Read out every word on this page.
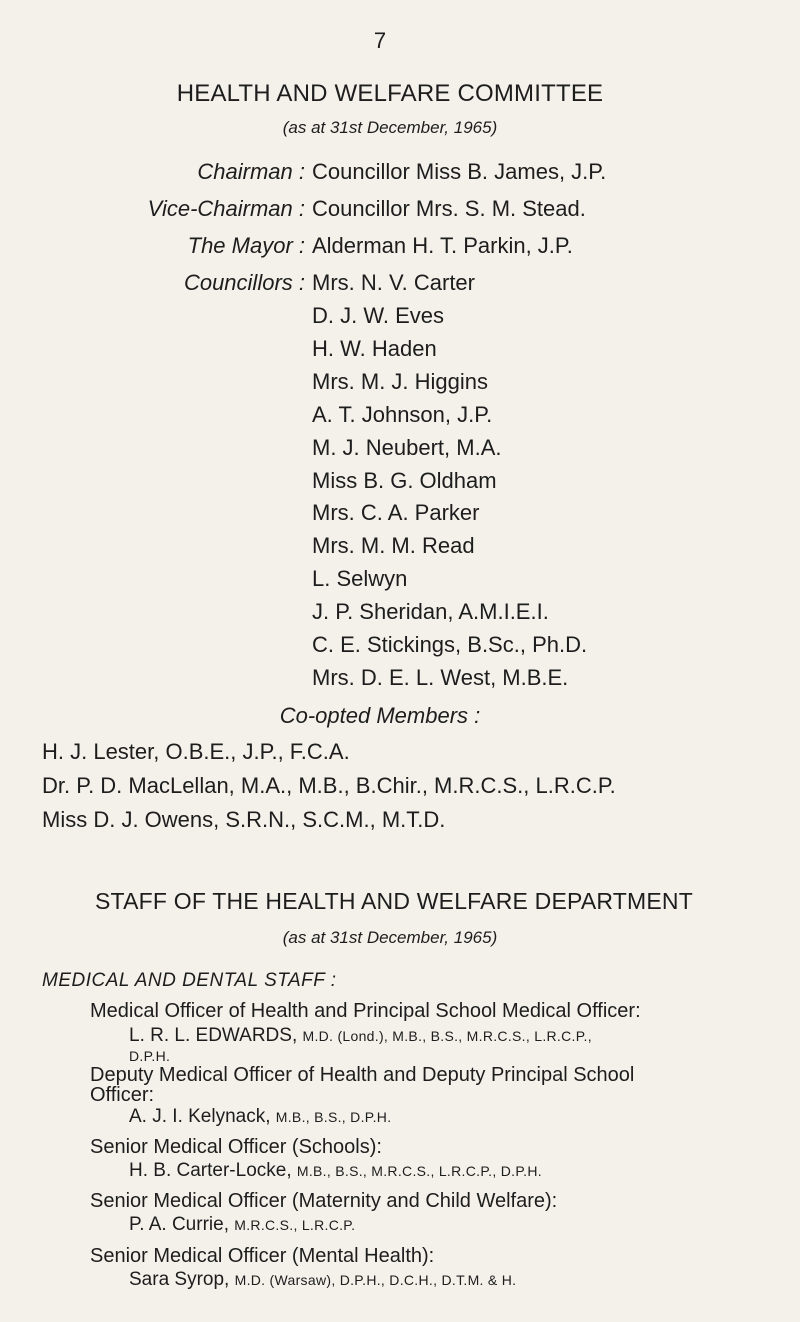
7
HEALTH AND WELFARE COMMITTEE
(as at 31st December, 1965)
Chairman : Councillor Miss B. James, J.P.
Vice-Chairman : Councillor Mrs. S. M. Stead.
The Mayor : Alderman H. T. Parkin, J.P.
Councillors : Mrs. N. V. Carter
D. J. W. Eves
H. W. Haden
Mrs. M. J. Higgins
A. T. Johnson, J.P.
M. J. Neubert, M.A.
Miss B. G. Oldham
Mrs. C. A. Parker
Mrs. M. M. Read
L. Selwyn
J. P. Sheridan, A.M.I.E.I.
C. E. Stickings, B.Sc., Ph.D.
Mrs. D. E. L. West, M.B.E.
Co-opted Members :
H. J. Lester, O.B.E., J.P., F.C.A.
Dr. P. D. MacLellan, M.A., M.B., B.Chir., M.R.C.S., L.R.C.P.
Miss D. J. Owens, S.R.N., S.C.M., M.T.D.
STAFF OF THE HEALTH AND WELFARE DEPARTMENT
(as at 31st December, 1965)
MEDICAL AND DENTAL STAFF :
Medical Officer of Health and Principal School Medical Officer:
L. R. L. EDWARDS, M.D. (Lond.), M.B., B.S., M.R.C.S., L.R.C.P.,
D.P.H.
Deputy Medical Officer of Health and Deputy Principal School
Officer:
A. J. I. Kelynack, M.B., B.S., D.P.H.
Senior Medical Officer (Schools):
H. B. Carter-Locke, M.B., B.S., M.R.C.S., L.R.C.P., D.P.H.
Senior Medical Officer (Maternity and Child Welfare):
P. A. Currie, M.R.C.S., L.R.C.P.
Senior Medical Officer (Mental Health):
Sara Syrop, M.D. (Warsaw), D.P.H., D.C.H., D.T.M. & H.
